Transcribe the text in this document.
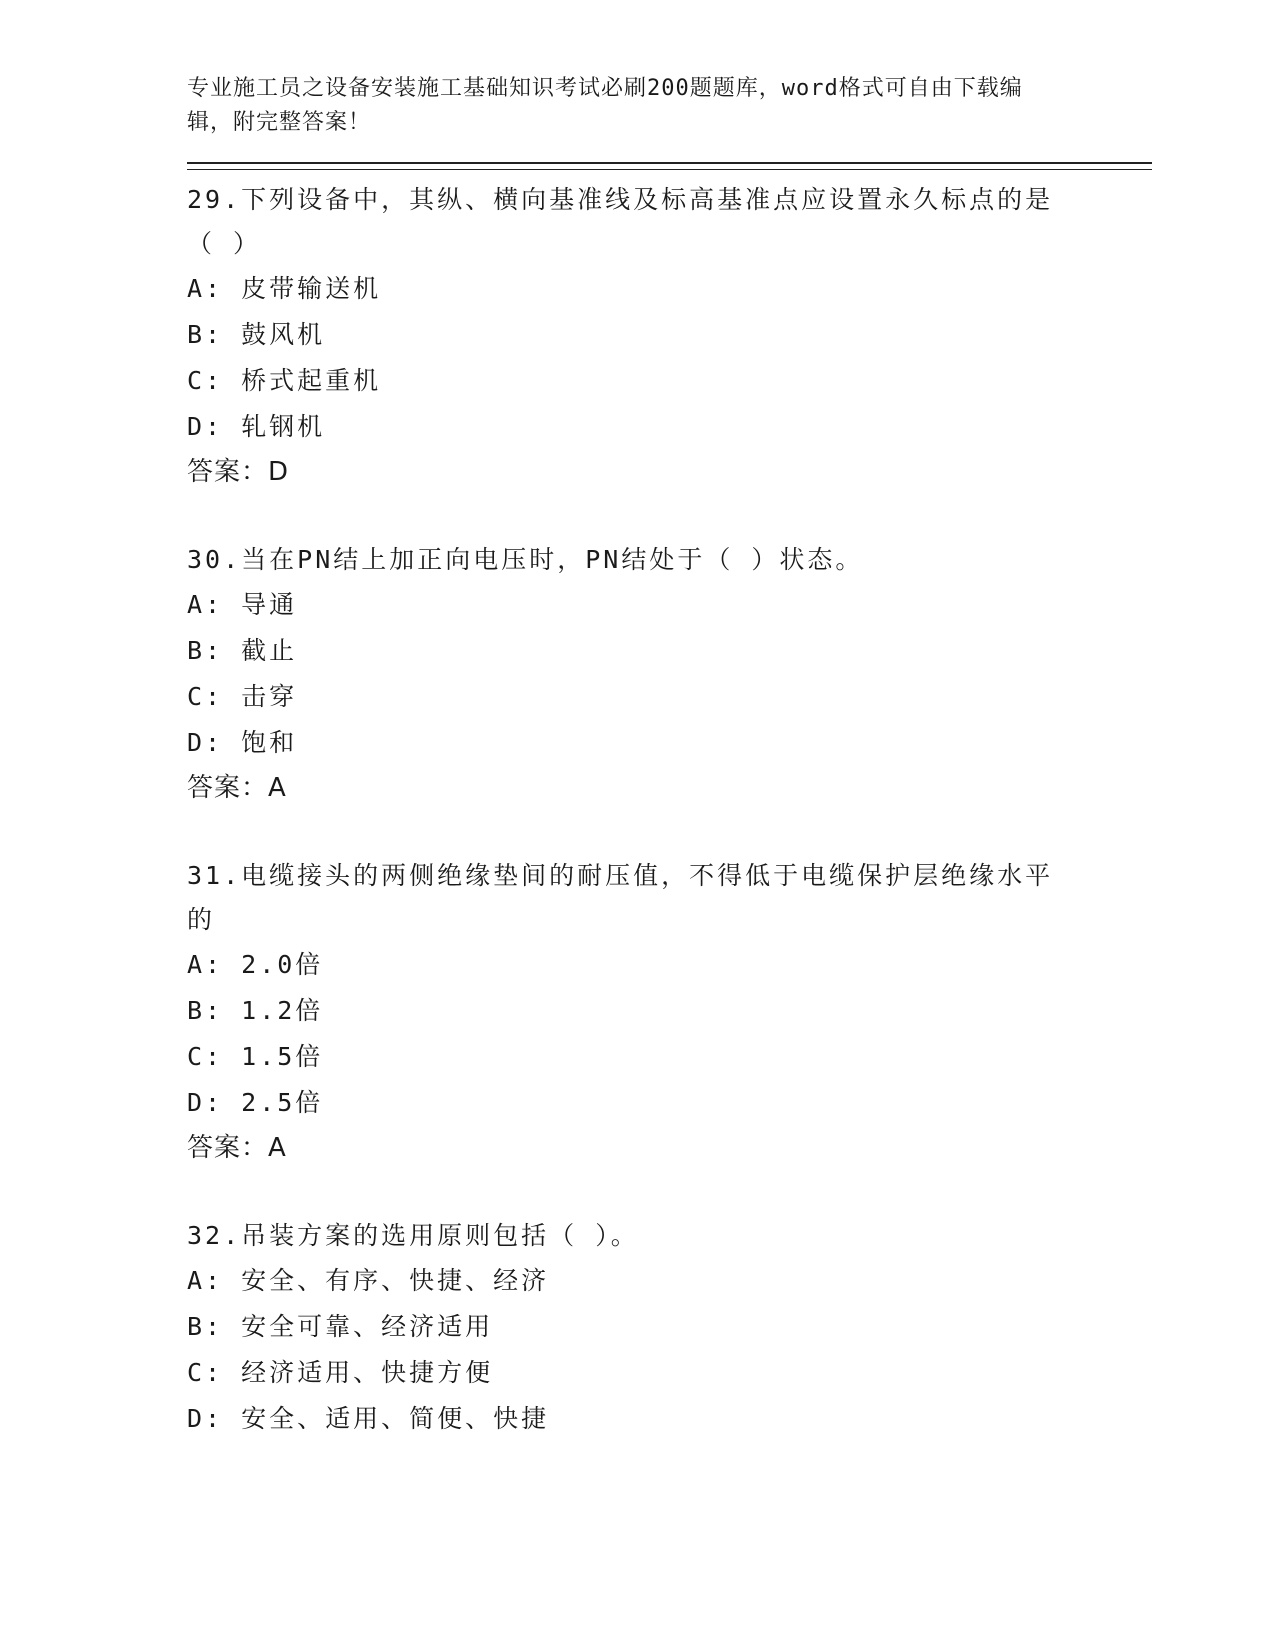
专业施工员之设备安装施工基础知识考试必刷200题题库，word格式可自由下载编辑，附完整答案！
29.下列设备中，其纵、横向基准线及标高基准点应设置永久标点的是（ ）
A: 皮带输送机
B: 鼓风机
C: 桥式起重机
D: 轧钢机
答案：D
30.当在PN结上加正向电压时，PN结处于（ ）状态。
A: 导通
B: 截止
C: 击穿
D: 饱和
答案：A
31.电缆接头的两侧绝缘垫间的耐压值，不得低于电缆保护层绝缘水平的
A: 2.0倍
B: 1.2倍
C: 1.5倍
D: 2.5倍
答案：A
32.吊装方案的选用原则包括（ ）。
A: 安全、有序、快捷、经济
B: 安全可靠、经济适用
C: 经济适用、快捷方便
D: 安全、适用、简便、快捷
